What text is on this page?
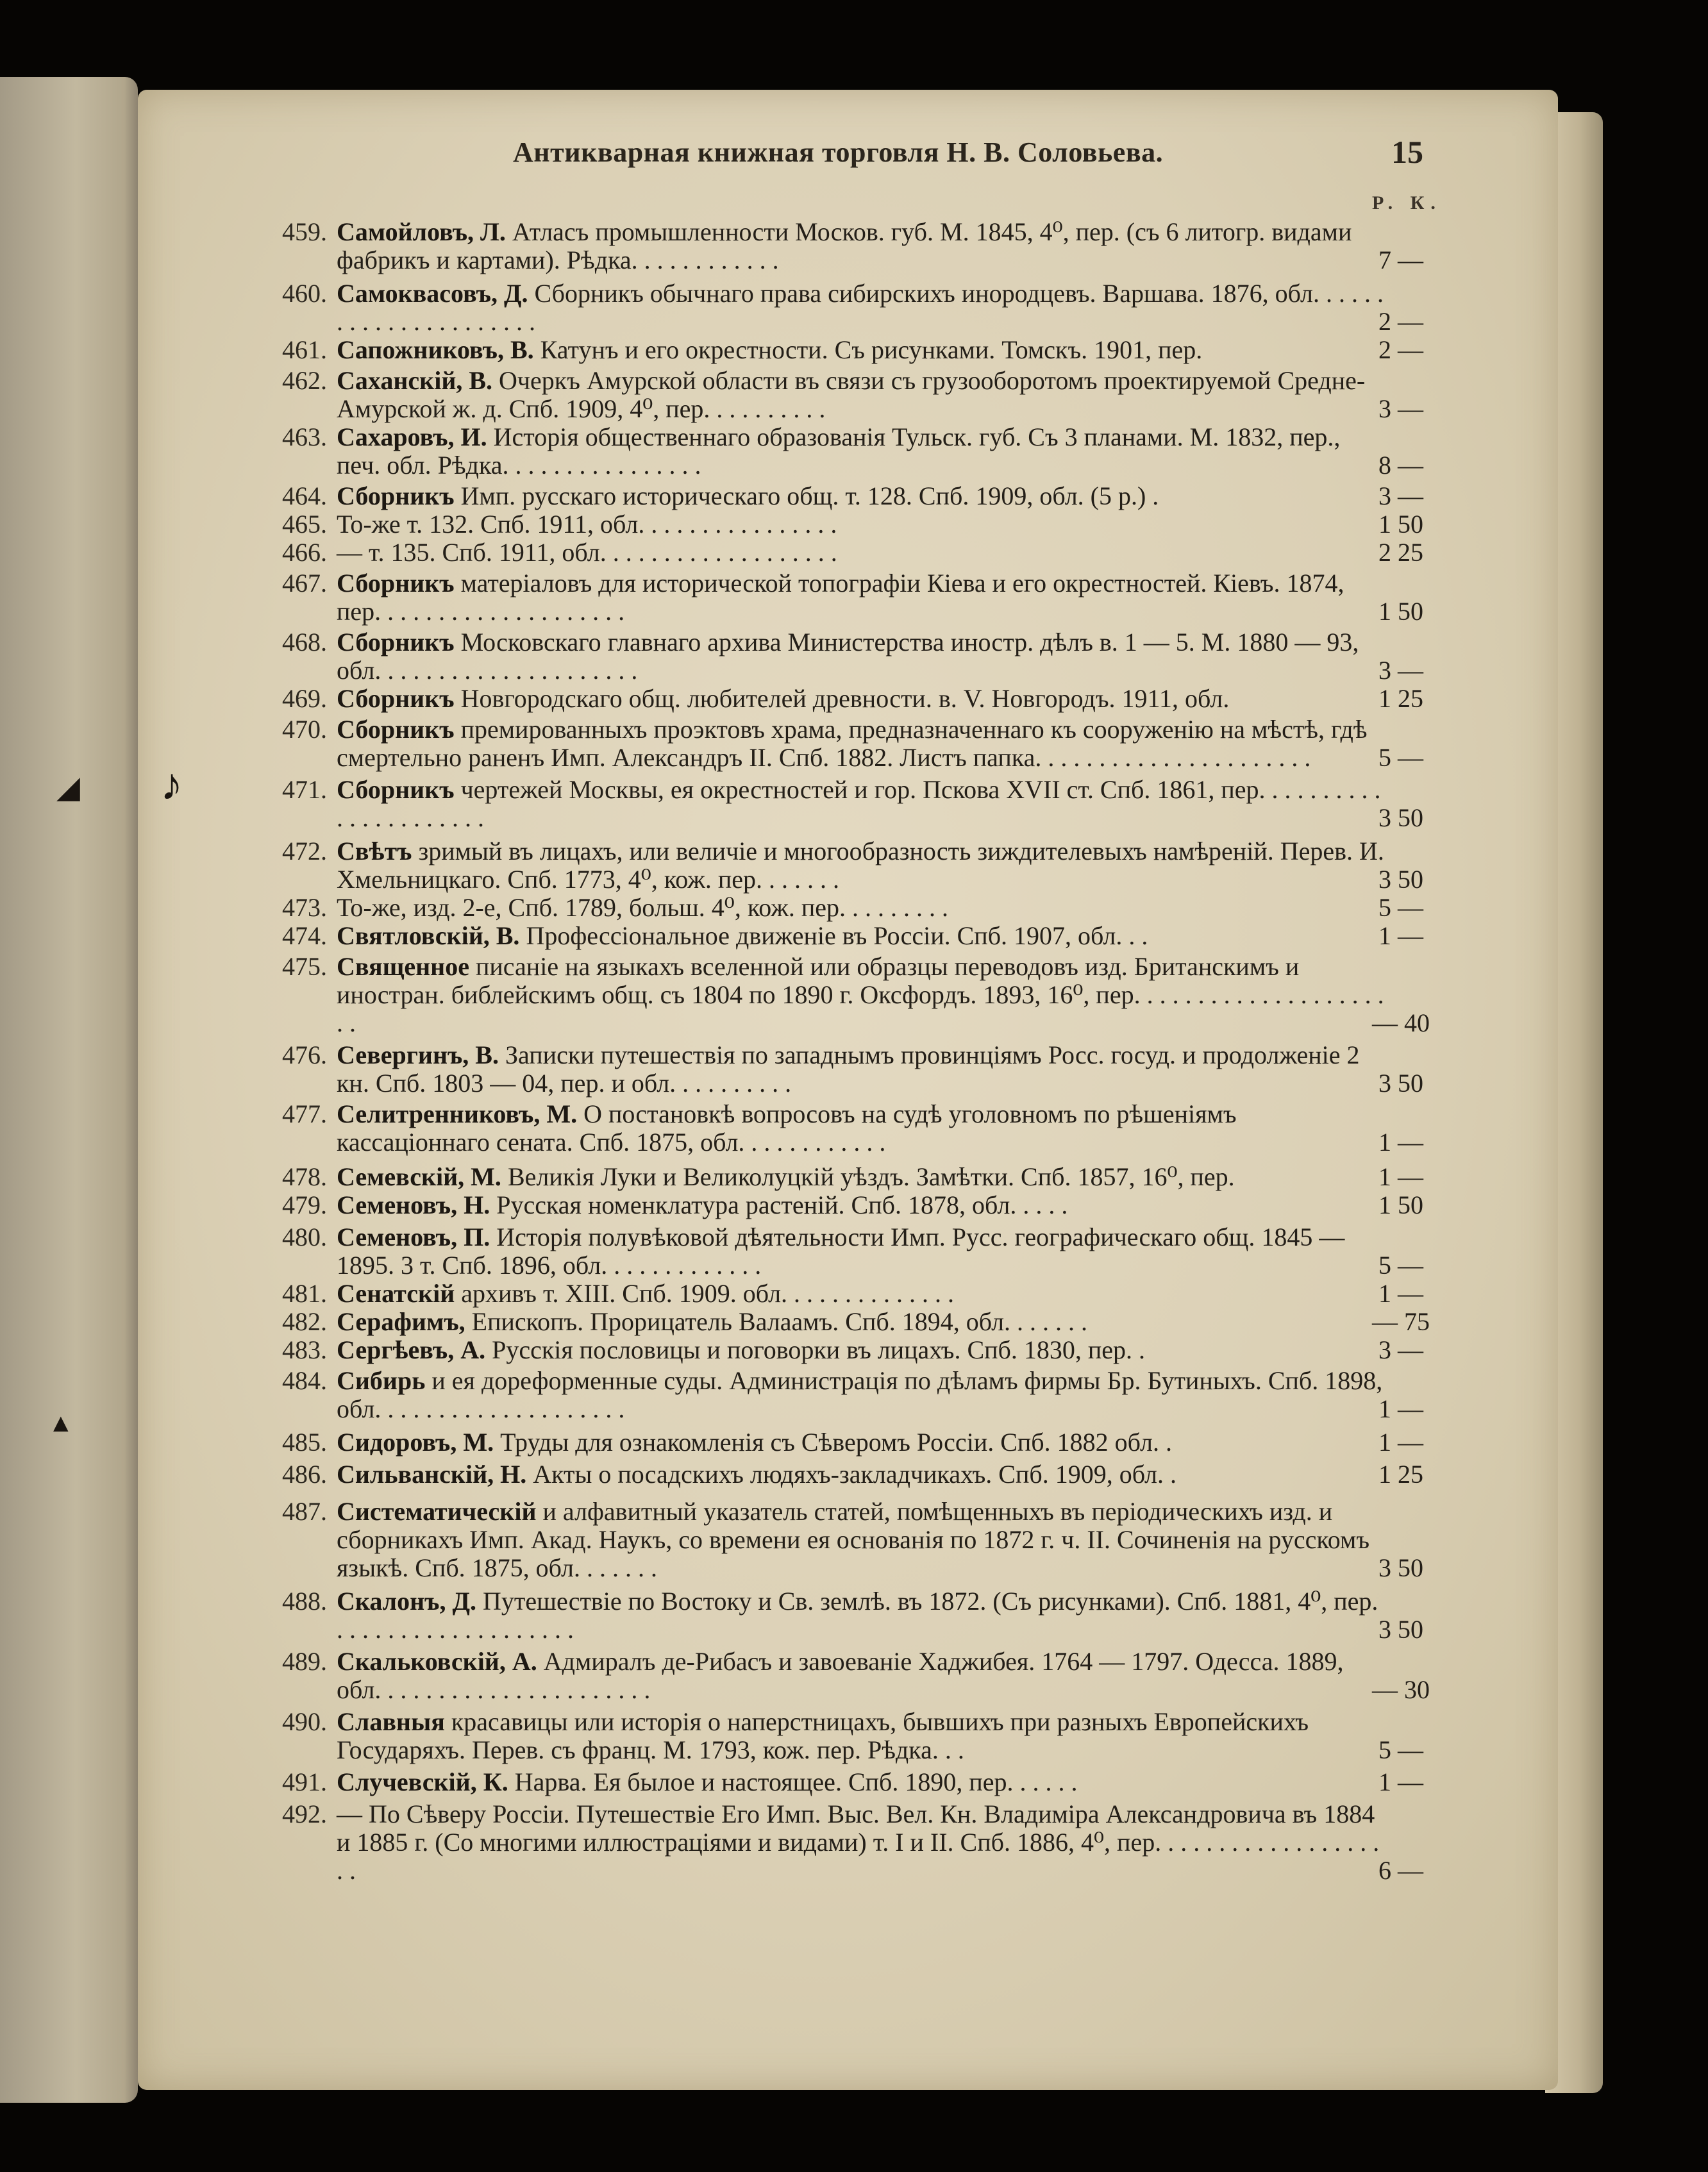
◢ ♪
▲
Антикварная книжная торговля Н. В. Соловьева.	15
Р. К.
459. Самойловъ, Л. Атласъ промышленности Москов. губ. М. 1845, 4⁰, пер. (съ 6 литогр. видами фабрикъ и картами). Рѣдка. . . . . . . . . . . .	7 —
460. Самоквасовъ, Д. Сборникъ обычнаго права сибирскихъ инородцевъ. Варшава. 1876, обл. . . . . . . . . . . . . . . . . . . . . .	2 —
461. Сапожниковъ, В. Катунъ и его окрестности. Съ рисунками. Томскъ. 1901, пер.	2 —
462. Саханскій, В. Очеркъ Амурской области въ связи съ грузооборотомъ проектируемой Средне-Амурской ж. д. Спб. 1909, 4⁰, пер. . . . . . . . . .	3 —
463. Сахаровъ, И. Исторія общественнаго образованія Тульск. губ. Съ 3 планами. М. 1832, пер., печ. обл. Рѣдка. . . . . . . . . . . . . . . .	8 —
464. Сборникъ Имп. русскаго историческаго общ. т. 128. Спб. 1909, обл. (5 р.) .	3 —
465. То-же т. 132. Спб. 1911, обл. . . . . . . . . . . . . . . .	1 50
466. — т. 135. Спб. 1911, обл. . . . . . . . . . . . . . . . . . .	2 25
467. Сборникъ матеріаловъ для исторической топографіи Кіева и его окрестностей. Кіевъ. 1874, пер. . . . . . . . . . . . . . . . . . . .	1 50
468. Сборникъ Московскаго главнаго архива Министерства иностр. дѣлъ в. 1 — 5. М. 1880 — 93, обл. . . . . . . . . . . . . . . . . . . . .	3 —
469. Сборникъ Новгородскаго общ. любителей древности. в. V. Новгородъ. 1911, обл.	1 25
470. Сборникъ премированныхъ проэктовъ храма, предназначеннаго къ сооруженію на мѣстѣ, гдѣ смертельно раненъ Имп. Александръ II. Спб. 1882. Листъ папка. . . . . . . . . . . . . . . . . . . . . .	5 —
471. Сборникъ чертежей Москвы, ея окрестностей и гор. Пскова XVII ст. Спб. 1861, пер. . . . . . . . . . . . . . . . . . . . . .	3 50
472. Свѣтъ зримый въ лицахъ, или величіе и многообразность зиждителевыхъ намѣреній. Перев. И. Хмельницкаго. Спб. 1773, 4⁰, кож. пер. . . . . . .	3 50
473. То-же, изд. 2-е, Спб. 1789, больш. 4⁰, кож. пер. . . . . . . . .	5 —
474. Святловскій, В. Профессіональное движеніе въ Россіи. Спб. 1907, обл. . .	1 —
475. Священное писаніе на языкахъ вселенной или образцы переводовъ изд. Британскимъ и иностран. библейскимъ общ. съ 1804 по 1890 г. Оксфордъ. 1893, 16⁰, пер. . . . . . . . . . . . . . . . . . . . . .	— 40
476. Севергинъ, В. Записки путешествія по западнымъ провинціямъ Росс. госуд. и продолженіе 2 кн. Спб. 1803 — 04, пер. и обл. . . . . . . . . .	3 50
477. Селитренниковъ, М. О постановкѣ вопросовъ на судѣ уголовномъ по рѣшеніямъ кассаціоннаго сената. Спб. 1875, обл. . . . . . . . . . . .	1 —
478. Семевскій, М. Великія Луки и Великолуцкій уѣздъ. Замѣтки. Спб. 1857, 16⁰, пер.	1 —
479. Семеновъ, Н. Русская номенклатура растеній. Спб. 1878, обл. . . . .	1 50
480. Семеновъ, П. Исторія полувѣковой дѣятельности Имп. Русс. географическаго общ. 1845 — 1895. 3 т. Спб. 1896, обл. . . . . . . . . . . . .	5 —
481. Сенатскій архивъ т. XIII. Спб. 1909. обл. . . . . . . . . . . . . .	1 —
482. Серафимъ, Епископъ. Прорицатель Валаамъ. Спб. 1894, обл. . . . . . .	— 75
483. Сергѣевъ, А. Русскія пословицы и поговорки въ лицахъ. Спб. 1830, пер. .	3 —
484. Сибирь и ея дореформенные суды. Администрація по дѣламъ фирмы Бр. Бутиныхъ. Спб. 1898, обл. . . . . . . . . . . . . . . . . . . .	1 —
485. Сидоровъ, М. Труды для ознакомленія съ Сѣверомъ Россіи. Спб. 1882 обл. .	1 —
486. Сильванскій, Н. Акты о посадскихъ людяхъ-закладчикахъ. Спб. 1909, обл. .	1 25
487. Систематическій и алфавитный указатель статей, помѣщенныхъ въ періодическихъ изд. и сборникахъ Имп. Акад. Наукъ, со времени ея основанія по 1872 г. ч. II. Сочиненія на русскомъ языкѣ. Спб. 1875, обл. . . . . . .	3 50
488. Скалонъ, Д. Путешествіе по Востоку и Св. землѣ. въ 1872. (Съ рисунками). Спб. 1881, 4⁰, пер. . . . . . . . . . . . . . . . . . . .	3 50
489. Скальковскій, А. Адмиралъ де-Рибасъ и завоеваніе Хаджибея. 1764 — 1797. Одесса. 1889, обл. . . . . . . . . . . . . . . . . . . . . .	— 30
490. Славныя красавицы или исторія о наперстницахъ, бывшихъ при разныхъ Европейскихъ Государяхъ. Перев. съ франц. М. 1793, кож. пер. Рѣдка. . .	5 —
491. Случевскій, К. Нарва. Ея былое и настоящее. Спб. 1890, пер. . . . . .	1 —
492. — По Сѣверу Россіи. Путешествіе Его Имп. Выс. Вел. Кн. Владиміра Александровича въ 1884 и 1885 г. (Со многими иллюстраціями и видами) т. I и II. Спб. 1886, 4⁰, пер. . . . . . . . . . . . . . . . . . . .	6 —
